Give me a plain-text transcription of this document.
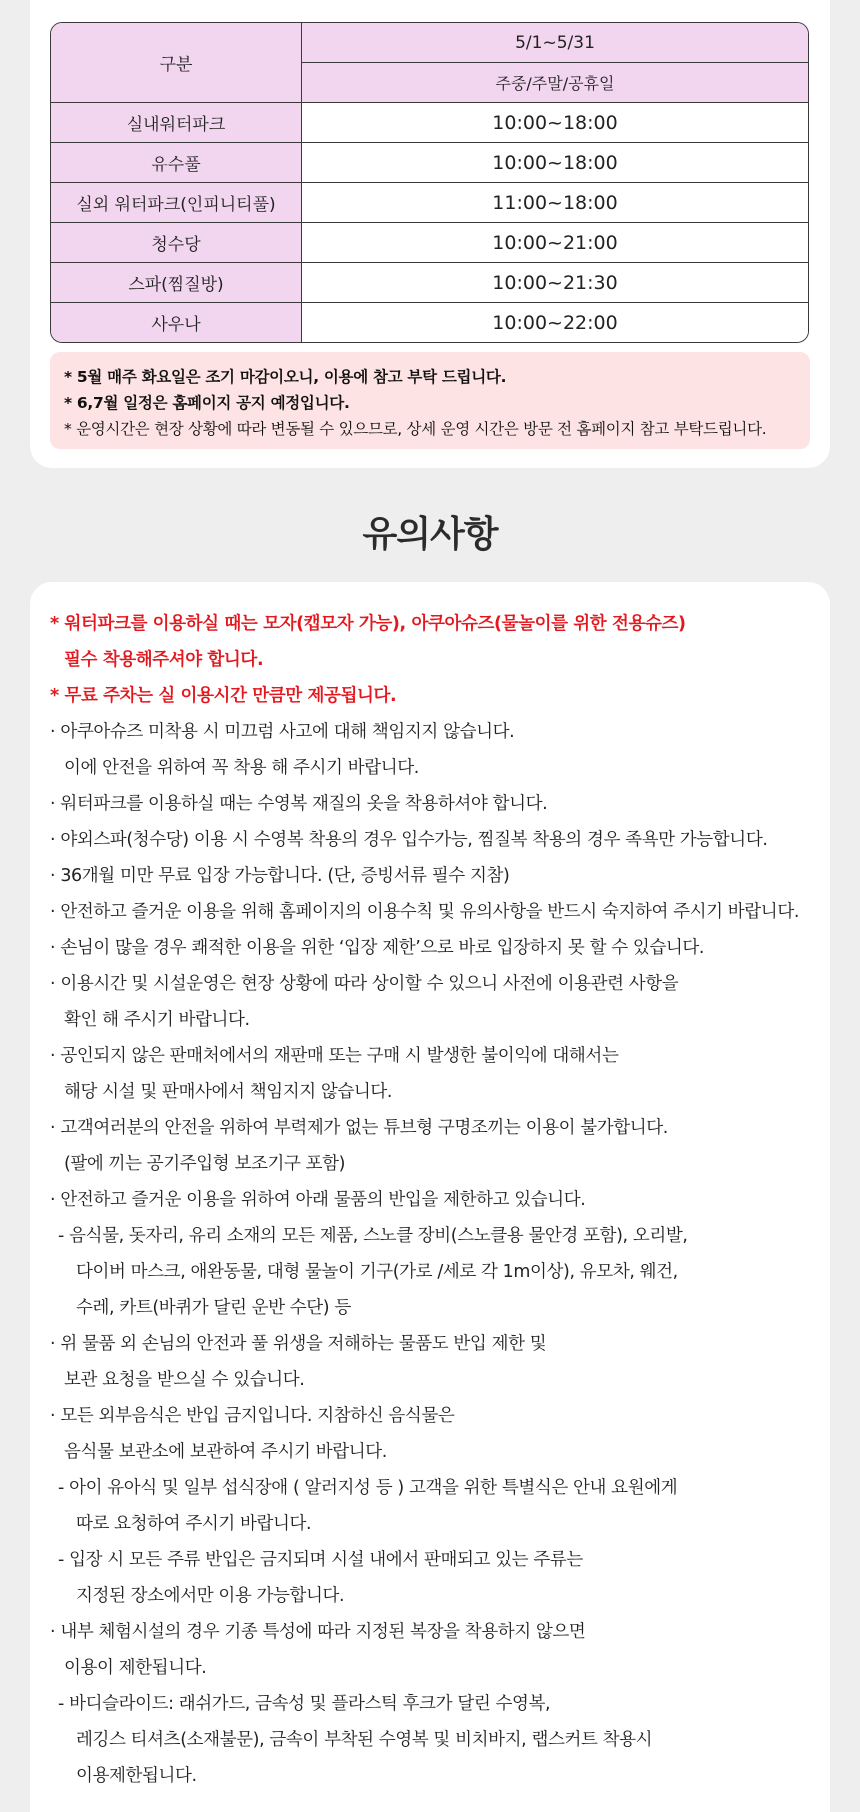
구분	5/1~5/31
	주중/주말/공휴일
실내워터파크	10:00~18:00
유수풀	10:00~18:00
실외 워터파크(인피니티풀)	11:00~18:00
청수당	10:00~21:00
스파(찜질방)	10:00~21:30
사우나	10:00~22:00

* 5월 매주 화요일은 조기 마감이오니, 이용에 참고 부탁 드립니다.

* 6,7월 일정은 홈페이지 공지 예정입니다.

* 운영시간은 현장 상황에 따라 변동될 수 있으므로, 상세 운영 시간은 방문 전 홈페이지 참고 부탁드립니다.

유의사항
* 워터파크를 이용하실 때는 모자(캡모자 가능), 아쿠아슈즈(물놀이를 위한 전용슈즈)
필수 착용해주셔야 합니다.
* 무료 주차는 실 이용시간 만큼만 제공됩니다.
· 아쿠아슈즈 미착용 시 미끄럼 사고에 대해 책임지지 않습니다.
이에 안전을 위하여 꼭 착용 해 주시기 바랍니다.
· 워터파크를 이용하실 때는 수영복 재질의 옷을 착용하셔야 합니다.
· 야외스파(청수당) 이용 시 수영복 착용의 경우 입수가능, 찜질복 착용의 경우 족욕만 가능합니다.
· 36개월 미만 무료 입장 가능합니다. (단, 증빙서류 필수 지참)
· 안전하고 즐거운 이용을 위해 홈페이지의 이용수칙 및 유의사항을 반드시 숙지하여 주시기 바랍니다.
· 손님이 많을 경우 쾌적한 이용을 위한 ‘입장 제한’으로 바로 입장하지 못 할 수 있습니다.
· 이용시간 및 시설운영은 현장 상황에 따라 상이할 수 있으니 사전에 이용관련 사항을
확인 해 주시기 바랍니다.
· 공인되지 않은 판매처에서의 재판매 또는 구매 시 발생한 불이익에 대해서는
해당 시설 및 판매사에서 책임지지 않습니다.
· 고객여러분의 안전을 위하여 부력제가 없는 튜브형 구명조끼는 이용이 불가합니다.
(팔에 끼는 공기주입형 보조기구 포함)
· 안전하고 즐거운 이용을 위하여 아래 물품의 반입을 제한하고 있습니다.
- 음식물, 돗자리, 유리 소재의 모든 제품, 스노클 장비(스노클용 물안경 포함), 오리발,
다이버 마스크, 애완동물, 대형 물놀이 기구(가로 /세로 각 1m이상), 유모차, 웨건,
수레, 카트(바퀴가 달린 운반 수단) 등
· 위 물품 외 손님의 안전과 풀 위생을 저해하는 물품도 반입 제한 및
보관 요청을 받으실 수 있습니다.
· 모든 외부음식은 반입 금지입니다. 지참하신 음식물은
음식물 보관소에 보관하여 주시기 바랍니다.
- 아이 유아식 및 일부 섭식장애 ( 알러지성 등 ) 고객을 위한 특별식은 안내 요원에게
따로 요청하여 주시기 바랍니다.
- 입장 시 모든 주류 반입은 금지되며 시설 내에서 판매되고 있는 주류는
지정된 장소에서만 이용 가능합니다.
· 내부 체험시설의 경우 기종 특성에 따라 지정된 복장을 착용하지 않으면
이용이 제한됩니다.
- 바디슬라이드: 래쉬가드, 금속성 및 플라스틱 후크가 달린 수영복,
레깅스 티셔츠(소재불문), 금속이 부착된 수영복 및 비치바지, 랩스커트 착용시
이용제한됩니다.
